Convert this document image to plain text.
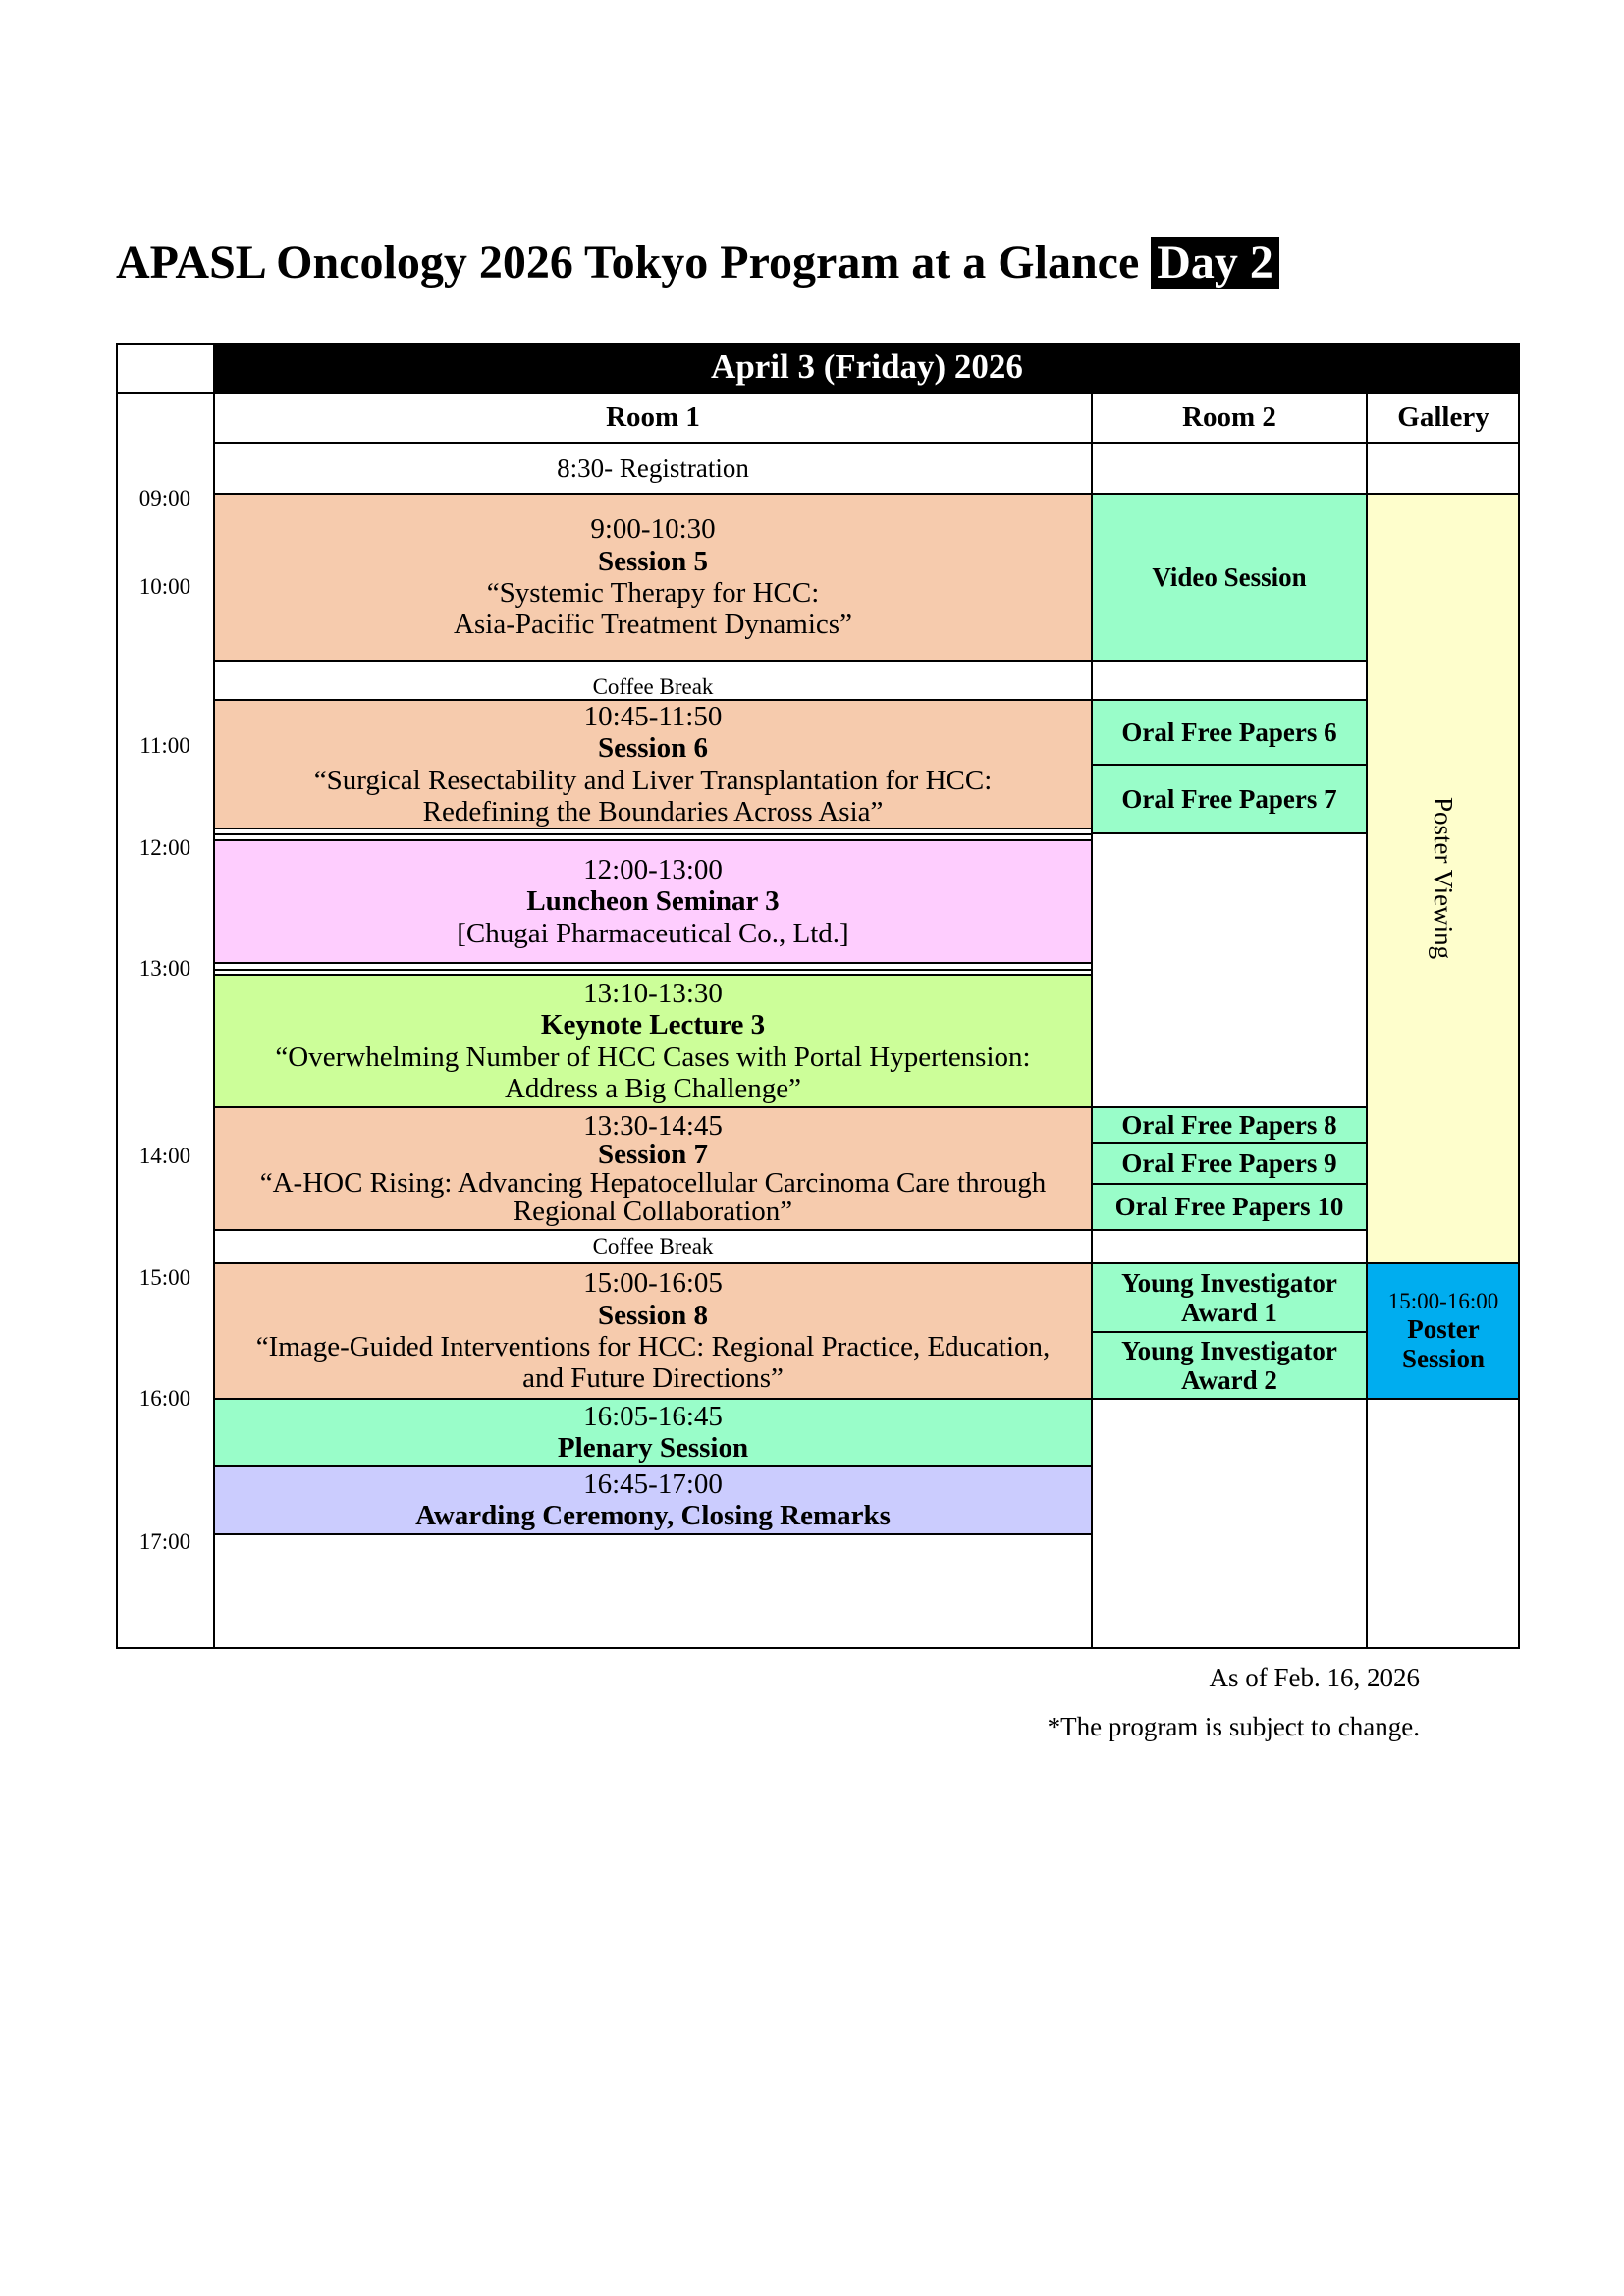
APASL Oncology 2026 Tokyo Program at a Glance Day 2
April 3 (Friday) 2026
Room 1	Room 2	Gallery
8:30- Registration
9:00-10:30
Session 5
“Systemic Therapy for HCC:
Asia-Pacific Treatment Dynamics”
Coffee Break
10:45-11:50
Session 6
“Surgical Resectability and Liver Transplantation for HCC:
Redefining the Boundaries Across Asia”
12:00-13:00
Luncheon Seminar 3
[Chugai Pharmaceutical Co., Ltd.]
13:10-13:30
Keynote Lecture 3
“Overwhelming Number of HCC Cases with Portal Hypertension:
Address a Big Challenge”
13:30-14:45
Session 7
“A-HOC Rising: Advancing Hepatocellular Carcinoma Care through
Regional Collaboration”
Coffee Break
15:00-16:05
Session 8
“Image-Guided Interventions for HCC: Regional Practice, Education,
and Future Directions”
16:05-16:45
Plenary Session
16:45-17:00
Awarding Ceremony, Closing Remarks
Video Session
Oral Free Papers 6
Oral Free Papers 7
Oral Free Papers 8
Oral Free Papers 9
Oral Free Papers 10
Young Investigator
Award 1
Young Investigator
Award 2
Poster Viewing
15:00-16:00
Poster
Session
09:00
10:00
11:00
12:00
13:00
14:00
15:00
16:00
17:00
As of Feb. 16, 2026
*The program is subject to change.
